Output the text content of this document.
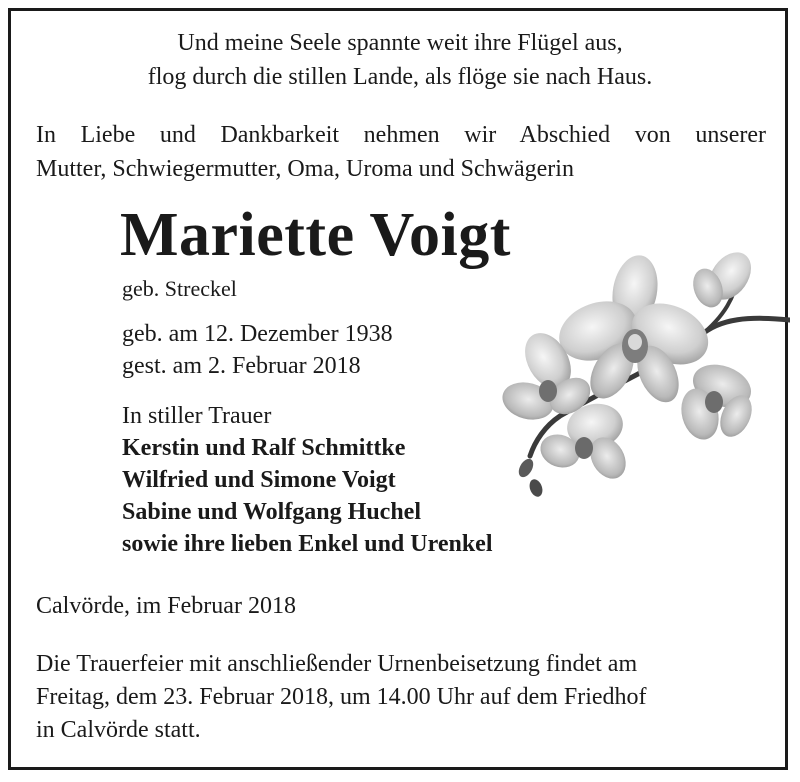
Und meine Seele spannte weit ihre Flügel aus,
flog durch die stillen Lande, als flöge sie nach Haus.
In Liebe und Dankbarkeit nehmen wir Abschied von unserer
Mutter, Schwiegermutter, Oma, Uroma und Schwägerin
Mariette Voigt
geb. Streckel
geb. am 12. Dezember 1938
gest. am 2. Februar 2018
In stiller Trauer
Kerstin und Ralf Schmittke
Wilfried und Simone Voigt
Sabine und Wolfgang Huchel
sowie ihre lieben Enkel und Urenkel
Calvörde, im Februar 2018
Die Trauerfeier mit anschließender Urnenbeisetzung findet am
Freitag, dem 23. Februar 2018, um 14.00 Uhr auf dem Friedhof
in Calvörde statt.
